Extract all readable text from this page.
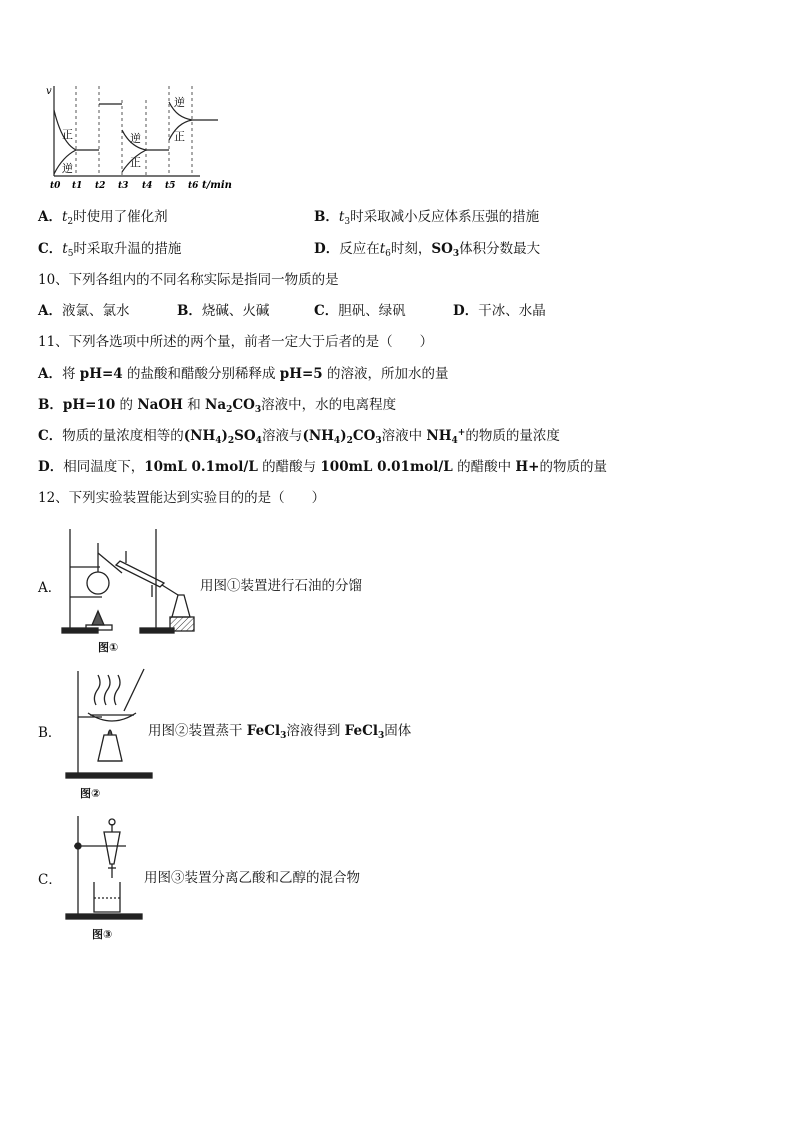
v
t/min
t0 t1 t2 t3 t4 t5 t6
正
逆
逆
正
逆
正
A．$t_2$时使用了催化剂	B．$t_3$时采取减小反应体系压强的措施
C．$t_5$时采取升温的措施	D．反应在$t_6$时刻，$SO_3$体积分数最大
10、下列各组内的不同名称实际是指同一物质的是
A．液氯、氯水	B．烧碱、火碱	C．胆矾、绿矾	D．干冰、水晶
11、下列各选项中所述的两个量，前者一定大于后者的是（　　）
A．将 pH=4 的盐酸和醋酸分别稀释成 pH=5 的溶液，所加水的量
B．pH=10 的 NaOH 和 $Na_2CO_3$溶液中，水的电离程度
C．物质的量浓度相等的$(NH_4)_2SO_4$溶液与$(NH_4)_2CO_3$溶液中 $NH_4^+$的物质的量浓度
D．相同温度下，10mL 0.1mol/L 的醋酸与 100mL 0.01mol/L 的醋酸中 H+的物质的量
12、下列实验装置能达到实验目的的是（　　）
A．
图①
用图①装置进行石油的分馏
B．
图②
用图②装置蒸干 FeCl$_3$溶液得到 FeCl$_3$固体
C．
图③
用图③装置分离乙酸和乙醇的混合物
